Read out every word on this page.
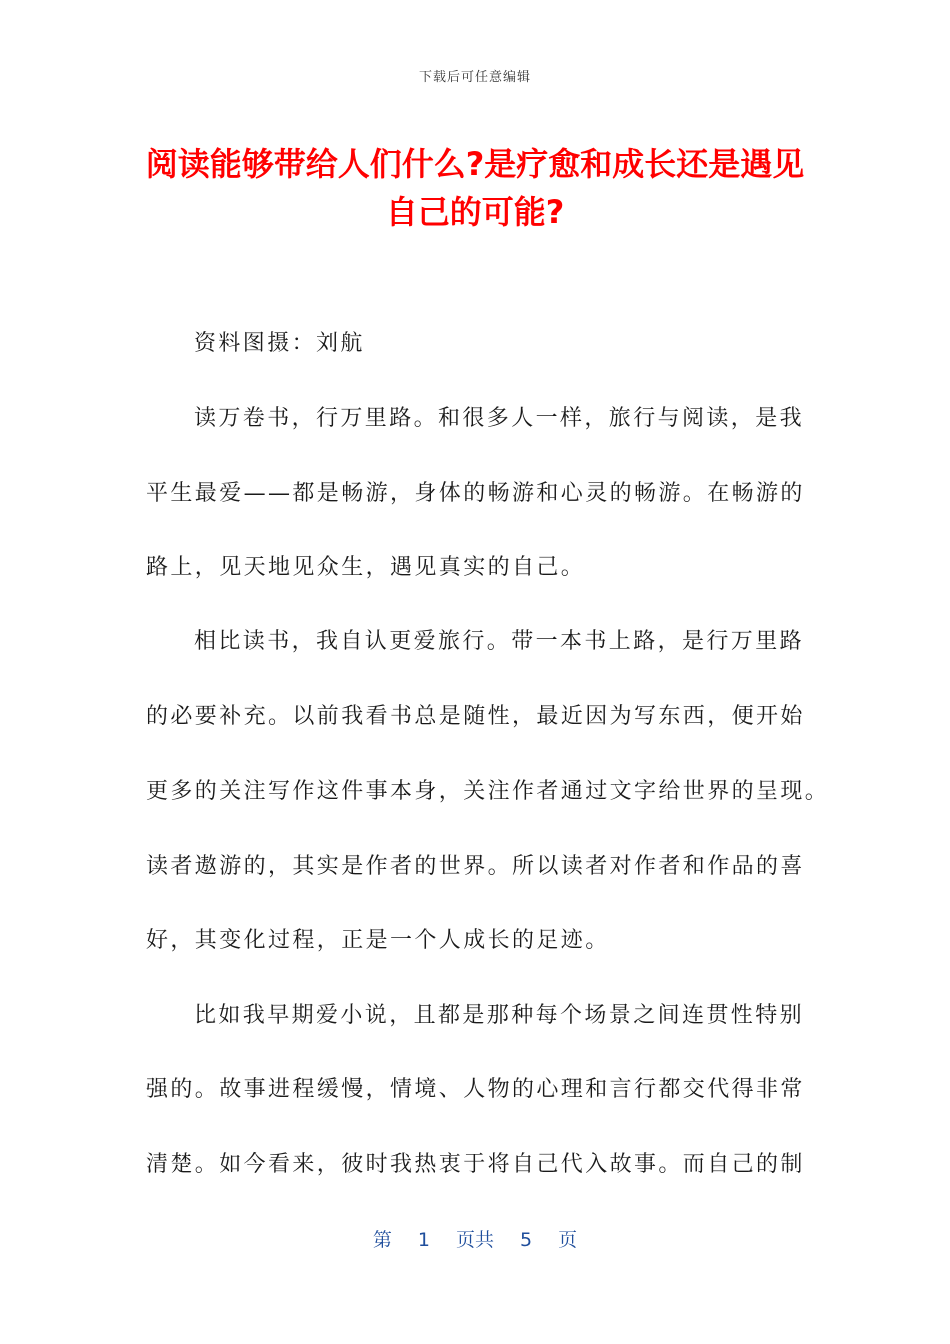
下载后可任意编辑
阅读能够带给人们什么?是疗愈和成长还是遇见自己的可能?
资料图摄：刘航
读万卷书，行万里路。和很多人一样，旅行与阅读，是我
平生最爱——都是畅游，身体的畅游和心灵的畅游。在畅游的
路上，见天地见众生，遇见真实的自己。
相比读书，我自认更爱旅行。带一本书上路，是行万里路
的必要补充。以前我看书总是随性，最近因为写东西，便开始
更多的关注写作这件事本身，关注作者通过文字给世界的呈现。
读者遨游的，其实是作者的世界。所以读者对作者和作品的喜
好，其变化过程，正是一个人成长的足迹。
比如我早期爱小说，且都是那种每个场景之间连贯性特别
强的。故事进程缓慢，情境、人物的心理和言行都交代得非常
清楚。如今看来，彼时我热衷于将自己代入故事。而自己的制
第 1 页共 5 页
